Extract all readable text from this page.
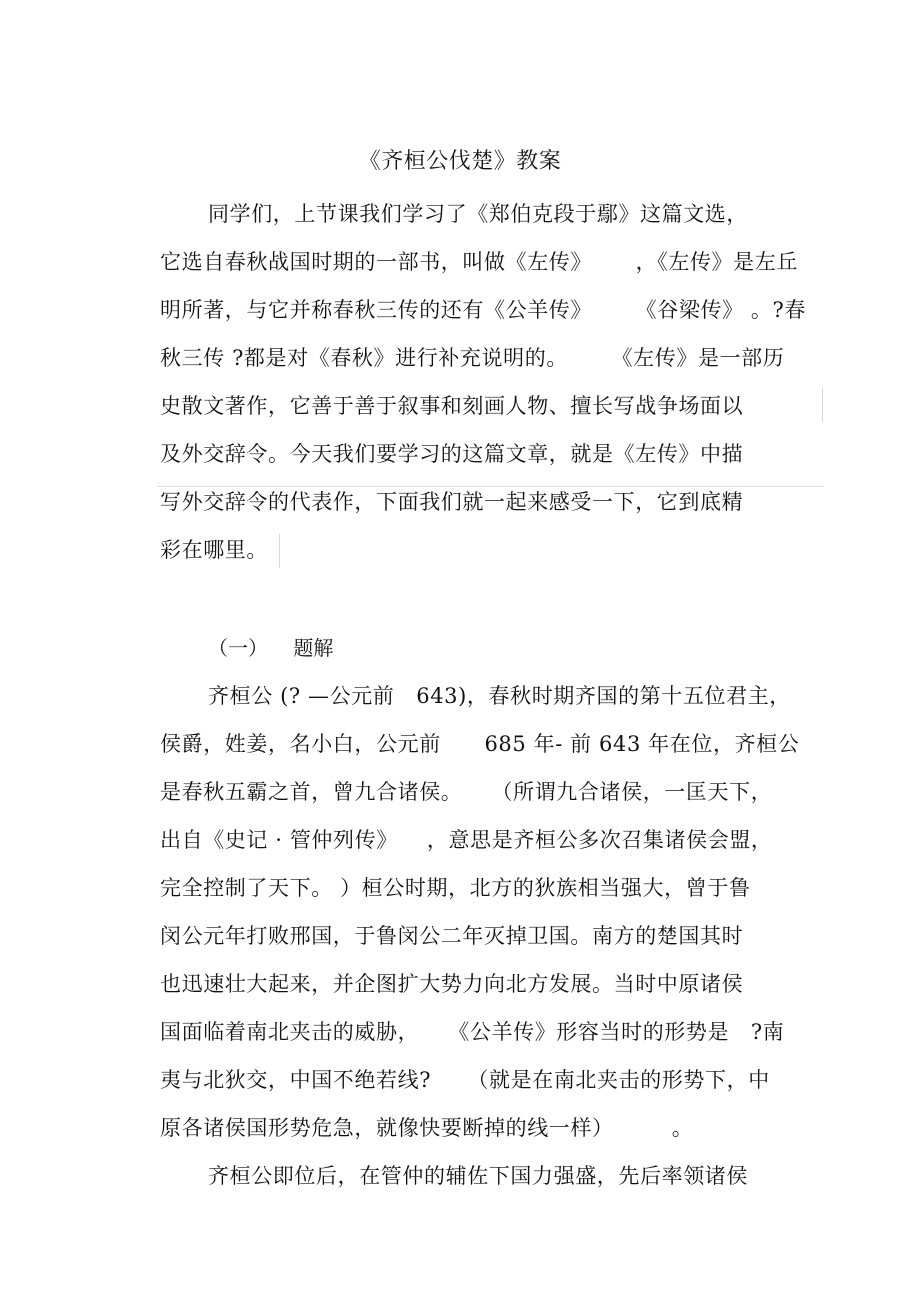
《齐桓公伐楚》教案
同学们，上节课我们学习了《郑伯克段于鄢》这篇文选，
它选自春秋战国时期的一部书，叫做《左传》      ，《左传》是左丘
明所著，与它并称春秋三传的还有《公羊传》      《谷梁传》 。?春
秋三传 ?都是对《春秋》进行补充说明的。      《左传》是一部历
史散文著作，它善于善于叙事和刻画人物、擅长写战争场面以
及外交辞令。今天我们要学习的这篇文章，就是《左传》中描
写外交辞令的代表作，下面我们就一起来感受一下，它到底精
彩在哪里。
（一）    题解
齐桓公 (? —公元前   643)，春秋时期齐国的第十五位君主，
侯爵，姓姜，名小白，公元前      685 年- 前 643 年在位，齐桓公
是春秋五霸之首，曾九合诸侯。    （所谓九合诸侯，一匡天下，
出自《史记 · 管仲列传》    ，意思是齐桓公多次召集诸侯会盟，
完全控制了天下。 ）桓公时期，北方的狄族相当强大，曾于鲁
闵公元年打败邢国，于鲁闵公二年灭掉卫国。南方的楚国其时
也迅速壮大起来，并企图扩大势力向北方发展。当时中原诸侯
国面临着南北夹击的威胁，    《公羊传》形容当时的形势是   ?南
夷与北狄交，中国不绝若线?     （就是在南北夹击的形势下，中
原各诸侯国形势危急，就像快要断掉的线一样）        。
齐桓公即位后，在管仲的辅佐下国力强盛，先后率领诸侯
